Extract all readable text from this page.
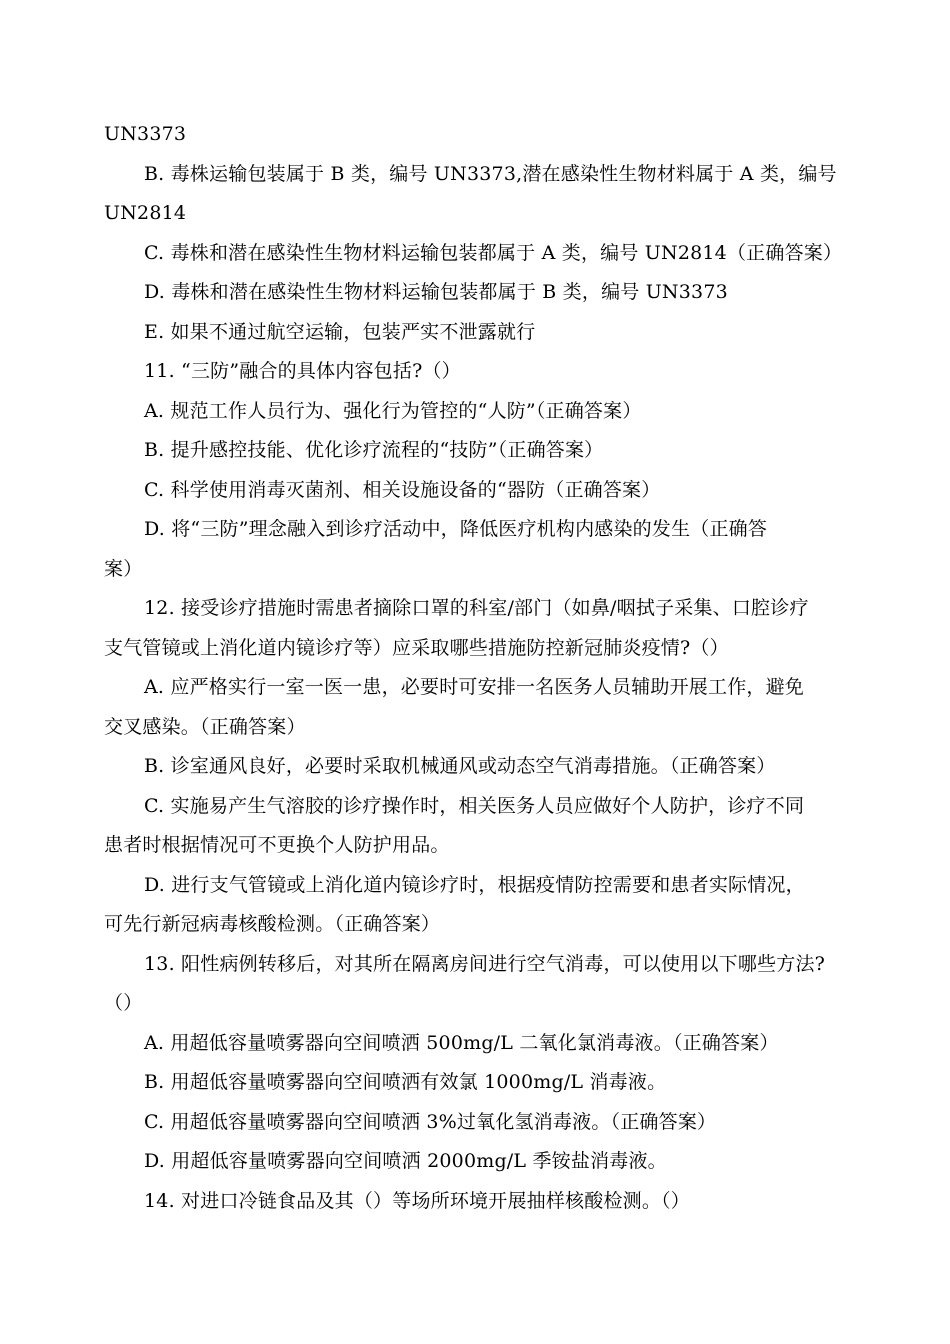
UN3373
B. 毒株运输包装属于 B 类，编号 UN3373,潜在感染性生物材料属于 A 类，编号
UN2814
C. 毒株和潜在感染性生物材料运输包装都属于 A 类，编号 UN2814（正确答案）
D. 毒株和潜在感染性生物材料运输包装都属于 B 类，编号 UN3373
E. 如果不通过航空运输，包装严实不泄露就行
11. “三防”融合的具体内容包括?（）
A. 规范工作人员行为、强化行为管控的“人防”（正确答案）
B. 提升感控技能、优化诊疗流程的“技防”（正确答案）
C. 科学使用消毒灭菌剂、相关设施设备的“器防（正确答案）
D. 将“三防”理念融入到诊疗活动中，降低医疗机构内感染的发生（正确答
案）
12. 接受诊疗措施时需患者摘除口罩的科室/部门（如鼻/咽拭子采集、口腔诊疗
支气管镜或上消化道内镜诊疗等）应采取哪些措施防控新冠肺炎疫情?（）
A. 应严格实行一室一医一患，必要时可安排一名医务人员辅助开展工作，避免
交叉感染。（正确答案）
B. 诊室通风良好，必要时采取机械通风或动态空气消毒措施。（正确答案）
C. 实施易产生气溶胶的诊疗操作时，相关医务人员应做好个人防护，诊疗不同
患者时根据情况可不更换个人防护用品。
D. 进行支气管镜或上消化道内镜诊疗时，根据疫情防控需要和患者实际情况，
可先行新冠病毒核酸检测。（正确答案）
13. 阳性病例转移后，对其所在隔离房间进行空气消毒，可以使用以下哪些方法?
（）
A. 用超低容量喷雾器向空间喷洒 500mg/L 二氧化氯消毒液。（正确答案）
B. 用超低容量喷雾器向空间喷洒有效氯 1000mg/L 消毒液。
C. 用超低容量喷雾器向空间喷洒 3%过氧化氢消毒液。（正确答案）
D. 用超低容量喷雾器向空间喷洒 2000mg/L 季铵盐消毒液。
14. 对进口冷链食品及其（）等场所环境开展抽样核酸检测。（）
